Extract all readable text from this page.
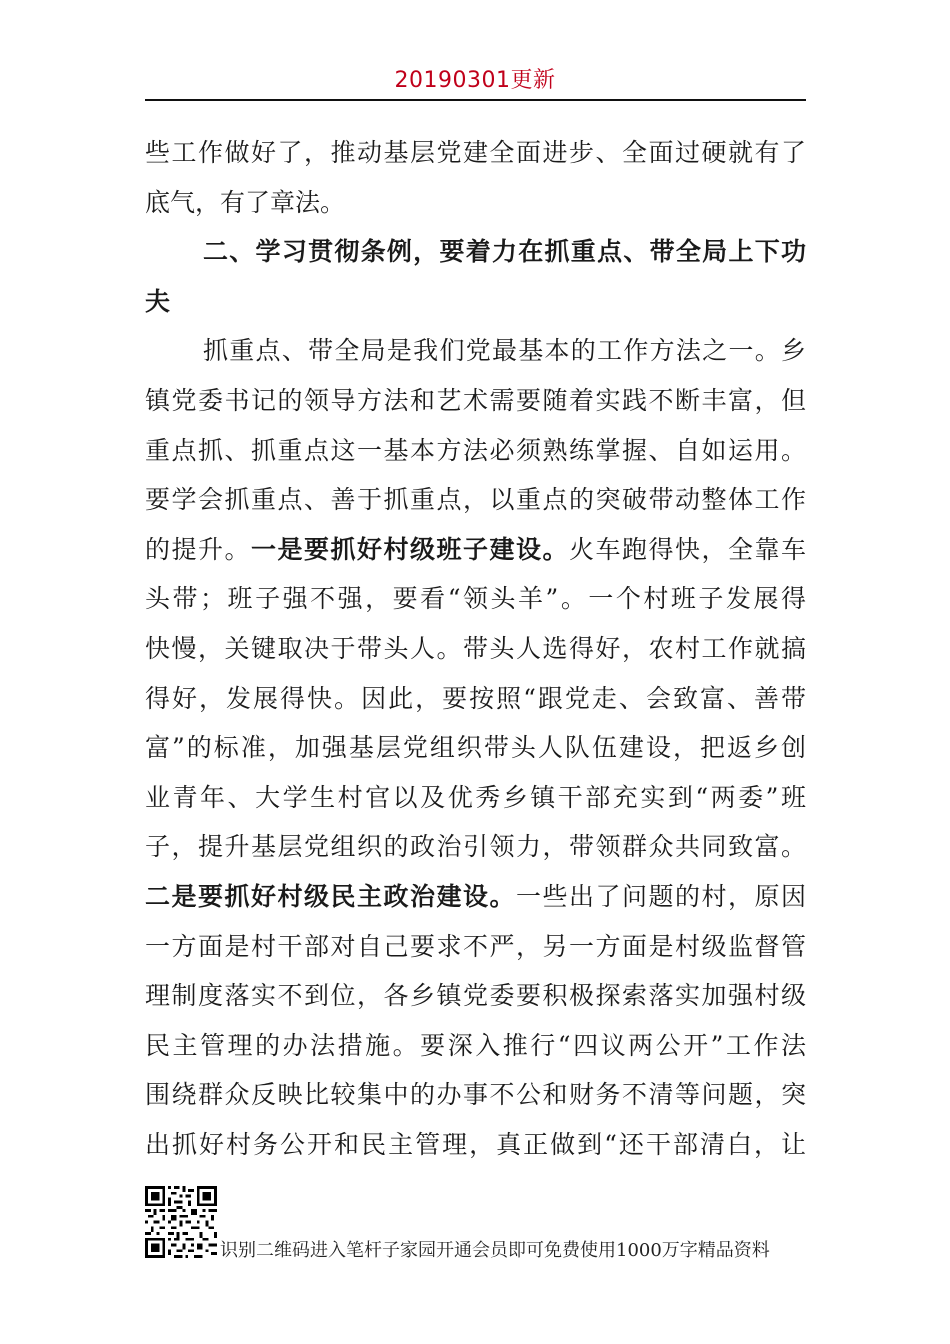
20190301更新
些工作做好了，推动基层党建全面进步、全面过硬就有了
底气，有了章法。
二、学习贯彻条例，要着力在抓重点、带全局上下功
夫
抓重点、带全局是我们党最基本的工作方法之一。乡
镇党委书记的领导方法和艺术需要随着实践不断丰富，但
重点抓、抓重点这一基本方法必须熟练掌握、自如运用。
要学会抓重点、善于抓重点，以重点的突破带动整体工作
的提升。一是要抓好村级班子建设。火车跑得快，全靠车
头带；班子强不强，要看“领头羊”。一个村班子发展得
快慢，关键取决于带头人。带头人选得好，农村工作就搞
得好，发展得快。因此，要按照“跟党走、会致富、善带
富”的标准，加强基层党组织带头人队伍建设，把返乡创
业青年、大学生村官以及优秀乡镇干部充实到“两委”班
子，提升基层党组织的政治引领力，带领群众共同致富。
二是要抓好村级民主政治建设。一些出了问题的村，原因
一方面是村干部对自己要求不严，另一方面是村级监督管
理制度落实不到位，各乡镇党委要积极探索落实加强村级
民主管理的办法措施。要深入推行“四议两公开”工作法
围绕群众反映比较集中的办事不公和财务不清等问题，突
出抓好村务公开和民主管理，真正做到“还干部清白，让
识别二维码进入笔杆子家园开通会员即可免费使用1000万字精品资料
